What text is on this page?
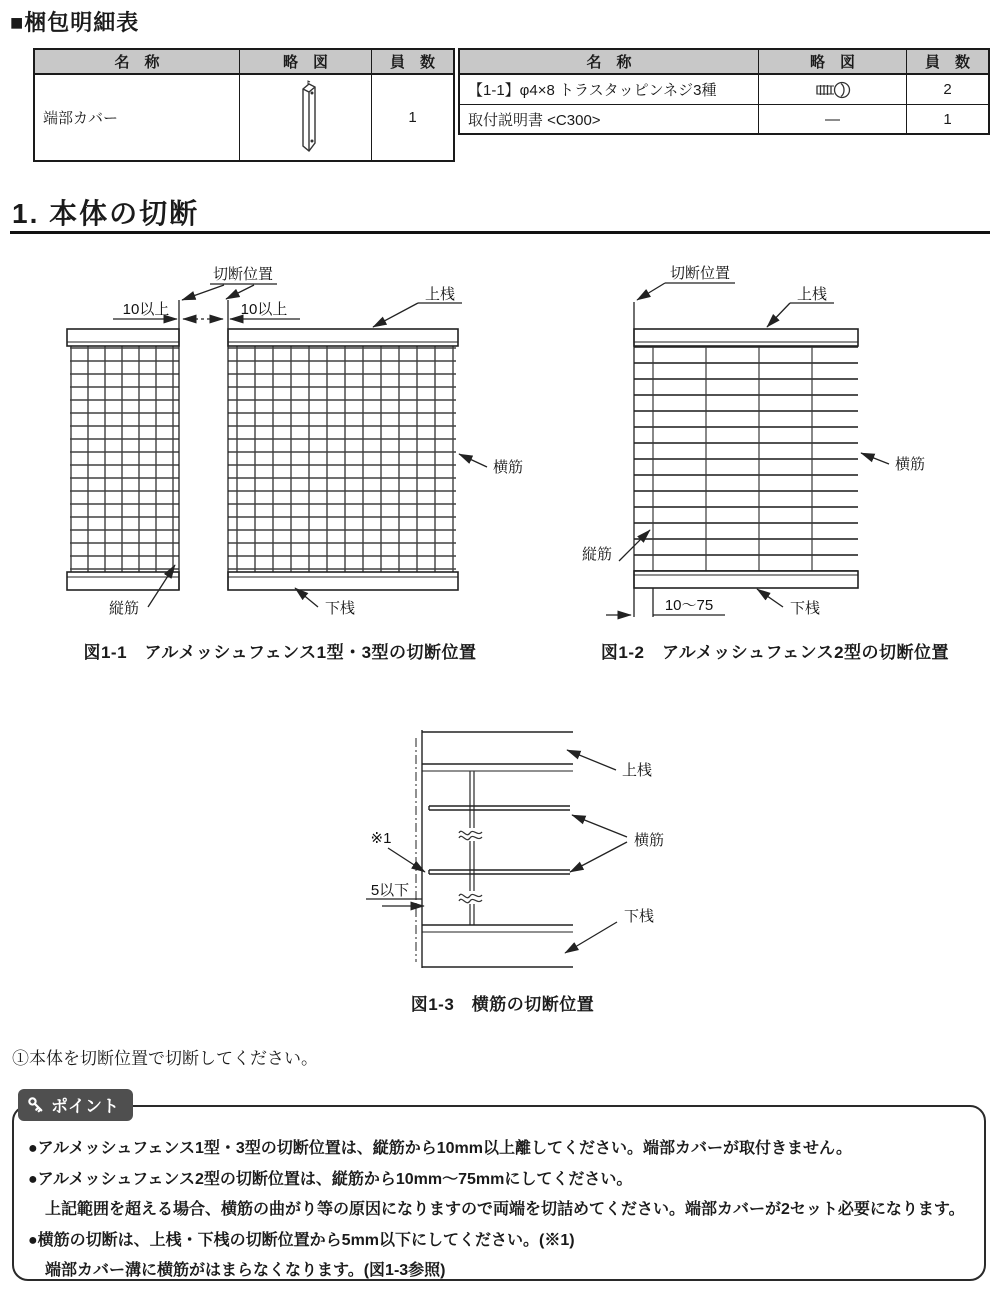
■梱包明細表
名　称	略　図	員　数
端部カバー	1
名　称	略　図	員　数
【1-1】φ4×8 トラスタッピンネジ3種	2
取付説明書 <C300>	—	1
1. 本体の切断
切断位置
10以上	10以上
上桟
横筋
縦筋	下桟
図1-1　アルメッシュフェンス1型・3型の切断位置
切断位置
上桟
横筋
縦筋
下桟
10～75
図1-2　アルメッシュフェンス2型の切断位置
※1
5以下
上桟
横筋
下桟
図1-3　横筋の切断位置
①本体を切断位置で切断してください。
●アルメッシュフェンス1型・3型の切断位置は、縦筋から10mm以上離してください。端部カバーが取付きません。
●アルメッシュフェンス2型の切断位置は、縦筋から10mm～75mmにしてください。
上記範囲を超える場合、横筋の曲がり等の原因になりますので両端を切詰めてください。端部カバーが2セット必要になります。
●横筋の切断は、上桟・下桟の切断位置から5mm以下にしてください。(※1)
端部カバー溝に横筋がはまらなくなります。(図1-3参照)
ポイント
